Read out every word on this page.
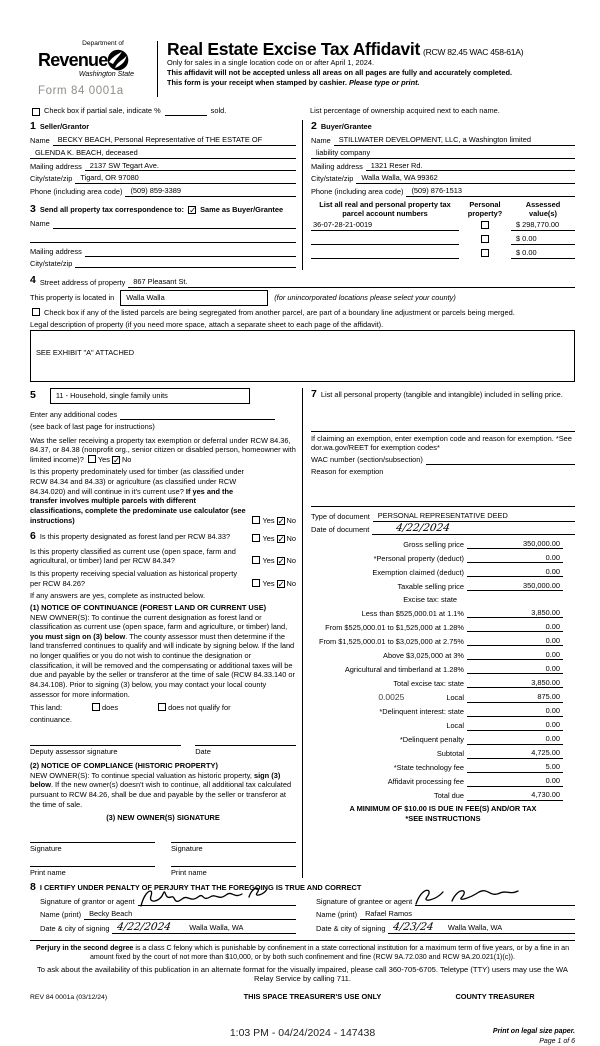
Department of
Revenue
Washington State
Form 84 0001a
Real Estate Excise Tax Affidavit (RCW 82.45 WAC 458-61A)
Only for sales in a single location code on or after April 1, 2024.
This affidavit will not be accepted unless all areas on all pages are fully and accurately completed.
This form is your receipt when stamped by cashier. Please type or print.
Check box if partial sale, indicate %	sold.	List percentage of ownership acquired next to each name.
1 Seller/Grantor
Name	BECKY BEACH, Personal Representative of THE ESTATE OF
GLENDA K. BEACH, deceased
Mailing address	2137 SW Tegart Ave.
City/state/zip	Tigard, OR 97080
Phone (including area code)	(509) 859-3389
3 Send all property tax correspondence to: ✓ Same as Buyer/Grantee
Name
Mailing address
City/state/zip
2 Buyer/Grantee
Name	STILLWATER DEVELOPMENT, LLC, a Washington limited
liability company
Mailing address	1321 Reser Rd.
City/state/zip	Walla Walla, WA 99362
Phone (including area code)	(509) 876-1513
List all real and personal property tax parcel account numbers
Personal property?
Assessed value(s)
36-07-28-21-0019	$ 298,770.00
$ 0.00
$ 0.00
4 Street address of property	867 Pleasant St.
This property is located in	Walla Walla	(for unincorporated locations please select your county)
Check box if any of the listed parcels are being segregated from another parcel, are part of a boundary line adjustment or parcels being merged.
Legal description of property (if you need more space, attach a separate sheet to each page of the affidavit).
SEE EXHIBIT "A" ATTACHED
5	11 - Household, single family units
Enter any additional codes
(see back of last page for instructions)
Was the seller receiving a property tax exemption or deferral under RCW 84.36, 84.37, or 84.38 (nonprofit org., senior citizen or disabled person, homeowner with limited income)? Yes ✓ No
Is this property predominately used for timber (as classified under RCW 84.34 and 84.33) or agriculture (as classified under RCW 84.34.020) and will continue in it's current use? If yes and the transfer involves multiple parcels with different classifications, complete the predominate use calculator (see instructions)	Yes ✓ No
6 Is this property designated as forest land per RCW 84.33?	Yes ✓ No
Is this property classified as current use (open space, farm and agricultural, or timber) land per RCW 84.34?	Yes ✓ No
Is this property receiving special valuation as historical property per RCW 84.26?	Yes ✓ No
If any answers are yes, complete as instructed below.
(1) NOTICE OF CONTINUANCE (FOREST LAND OR CURRENT USE)
NEW OWNER(S): To continue the current designation as forest land or classification as current use (open space, farm and agriculture, or timber) land, you must sign on (3) below. The county assessor must then determine if the land transferred continues to qualify and will indicate by signing below. If the land no longer qualifies or you do not wish to continue the designation or classification, it will be removed and the compensating or additional taxes will be due and payable by the seller or transferor at the time of sale (RCW 84.33.140 or 84.34.108). Prior to signing (3) below, you may contact your local county assessor for more information.
This land:	does	does not qualify for
continuance.
Deputy assessor signature	Date
(2) NOTICE OF COMPLIANCE (HISTORIC PROPERTY)
NEW OWNER(S): To continue special valuation as historic property, sign (3) below. If the new owner(s) doesn't wish to continue, all additional tax calculated pursuant to RCW 84.26, shall be due and payable by the seller or transferor at the time of sale.
(3) NEW OWNER(S) SIGNATURE
Signature	Signature
Print name	Print name
7 List all personal property (tangible and intangible) included in selling price.
If claiming an exemption, enter exemption code and reason for exemption. *See dor.wa.gov/REET for exemption codes*
WAC number (section/subsection)
Reason for exemption
Type of document	PERSONAL REPRESENTATIVE DEED
Date of document	4/22/2024
Gross selling price	350,000.00
*Personal property (deduct)	0.00
Exemption claimed (deduct)	0.00
Taxable selling price	350,000.00
Excise tax: state
Less than $525,000.01 at 1.1%	3,850.00
From $525,000.01 to $1,525,000 at 1.28%	0.00
From $1,525,000.01 to $3,025,000 at 2.75%	0.00
Above $3,025,000 at 3%	0.00
Agricultural and timberland at 1.28%	0.00
Total excise tax: state	3,850.00
0.0025	Local	875.00
*Delinquent interest: state	0.00
Local	0.00
*Delinquent penalty	0.00
Subtotal	4,725.00
*State technology fee	5.00
Affidavit processing fee	0.00
Total due	4,730.00
A MINIMUM OF $10.00 IS DUE IN FEE(S) AND/OR TAX
*SEE INSTRUCTIONS
8 I CERTIFY UNDER PENALTY OF PERJURY THAT THE FOREGOING IS TRUE AND CORRECT
Signature of grantor or agent
Name (print)	Becky Beach
Date & city of signing 4/22/2024 Walla Walla, WA
Signature of grantee or agent
Name (print)	Rafael Ramos
Date & city of signing 4/23/24 Walla Walla, WA
Perjury in the second degree is a class C felony which is punishable by confinement in a state correctional institution for a maximum term of five years, or by a fine in an amount fixed by the court of not more than $10,000, or by both such confinement and fine (RCW 9A.72.030 and RCW 9A.20.021(1)(c)).
To ask about the availability of this publication in an alternate format for the visually impaired, please call 360-705-6705. Teletype (TTY) users may use the WA Relay Service by calling 711.
REV 84 0001a (03/12/24)	THIS SPACE TREASURER'S USE ONLY	COUNTY TREASURER
1:03 PM - 04/24/2024 - 147438	Print on legal size paper.
Page 1 of 6
